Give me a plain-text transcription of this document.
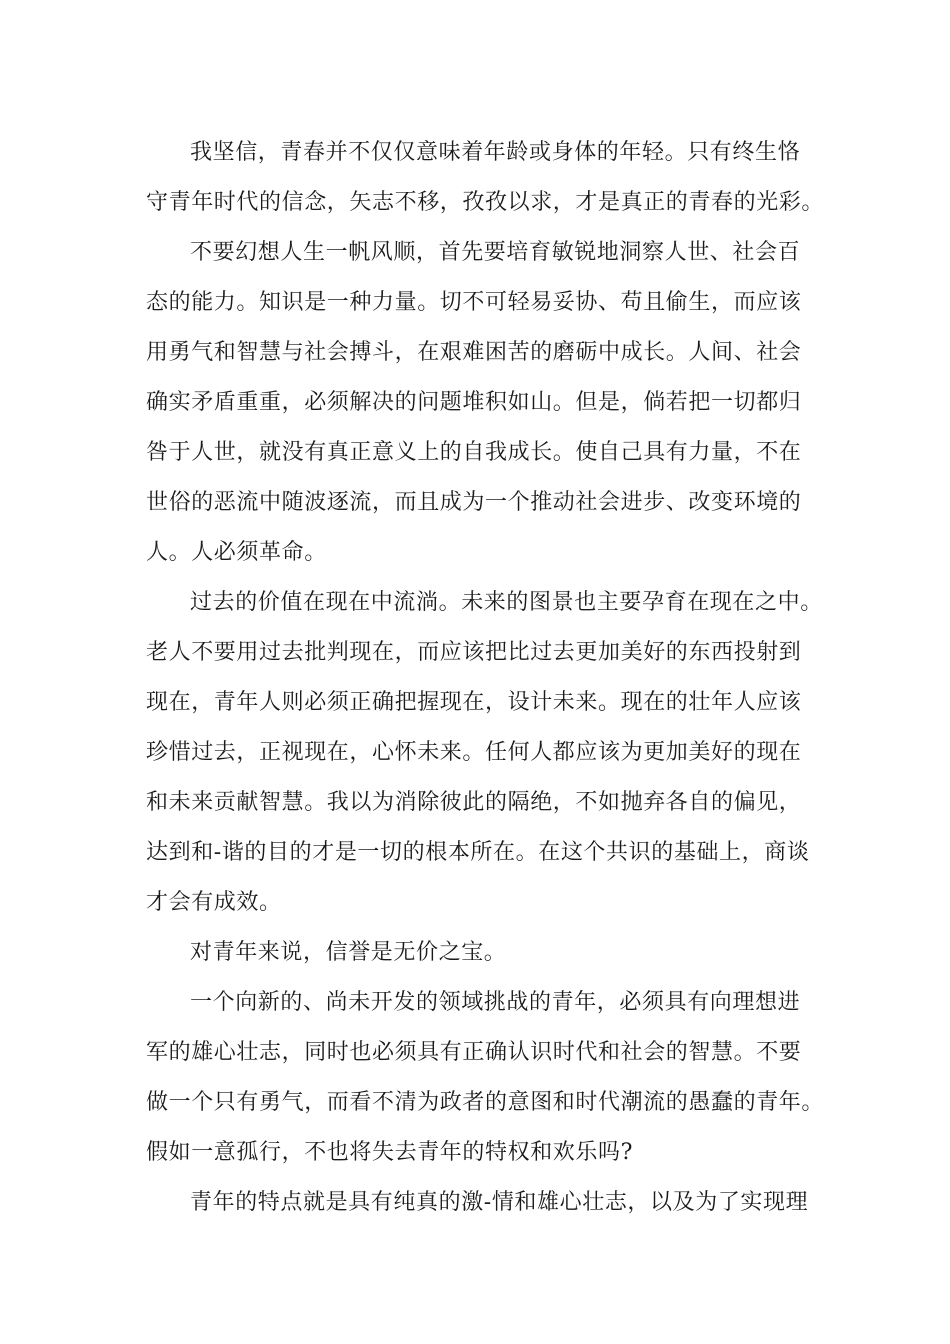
我坚信，青春并不仅仅意味着年龄或身体的年轻。只有终生恪
守青年时代的信念，矢志不移，孜孜以求，才是真正的青春的光彩。
不要幻想人生一帆风顺，首先要培育敏锐地洞察人世、社会百
态的能力。知识是一种力量。切不可轻易妥协、苟且偷生，而应该
用勇气和智慧与社会搏斗，在艰难困苦的磨砺中成长。人间、社会
确实矛盾重重，必须解决的问题堆积如山。但是，倘若把一切都归
咎于人世，就没有真正意义上的自我成长。使自己具有力量，不在
世俗的恶流中随波逐流，而且成为一个推动社会进步、改变环境的
人。人必须革命。
过去的价值在现在中流淌。未来的图景也主要孕育在现在之中。
老人不要用过去批判现在，而应该把比过去更加美好的东西投射到
现在，青年人则必须正确把握现在，设计未来。现在的壮年人应该
珍惜过去，正视现在，心怀未来。任何人都应该为更加美好的现在
和未来贡献智慧。我以为消除彼此的隔绝，不如抛弃各自的偏见，
达到和-谐的目的才是一切的根本所在。在这个共识的基础上，商谈
才会有成效。
对青年来说，信誉是无价之宝。
一个向新的、尚未开发的领域挑战的青年，必须具有向理想进
军的雄心壮志，同时也必须具有正确认识时代和社会的智慧。不要
做一个只有勇气，而看不清为政者的意图和时代潮流的愚蠢的青年。
假如一意孤行，不也将失去青年的特权和欢乐吗?
青年的特点就是具有纯真的激-情和雄心壮志，以及为了实现理
